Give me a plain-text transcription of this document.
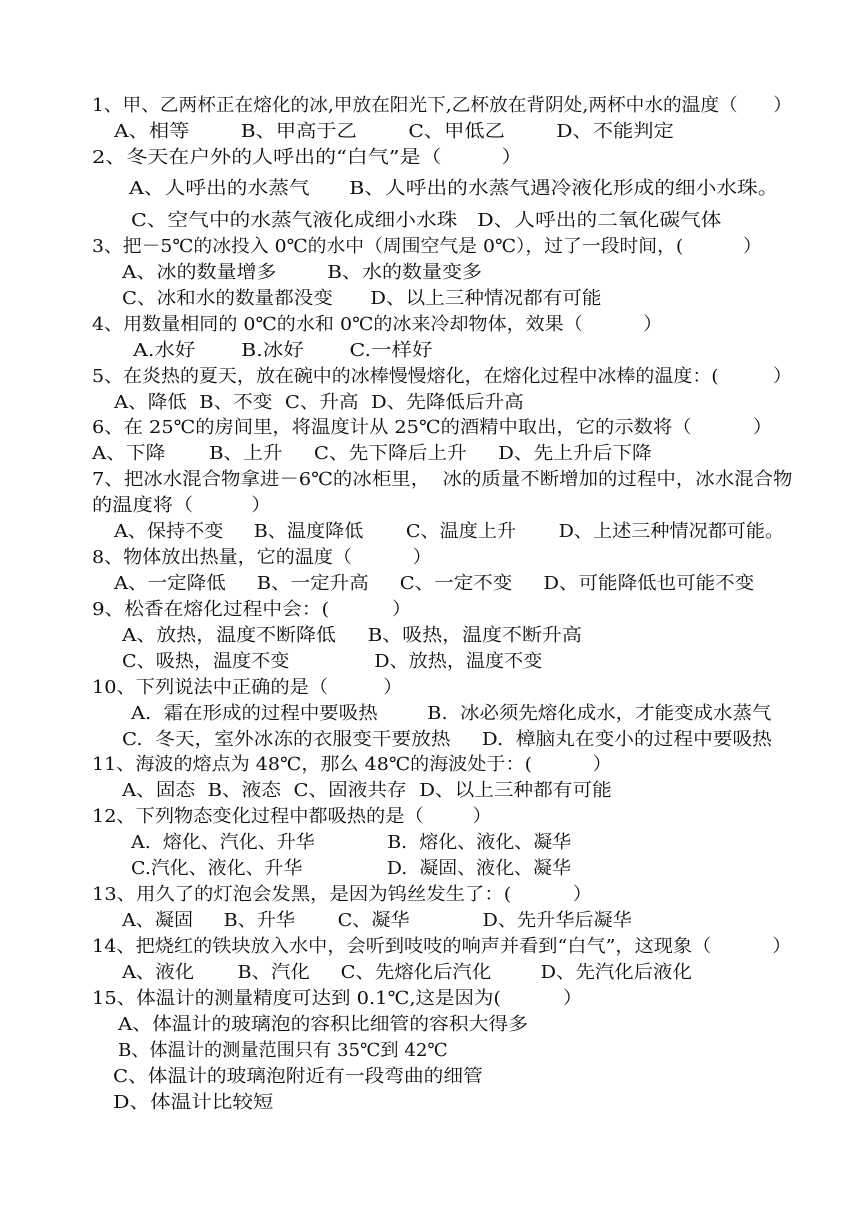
1、甲、乙两杯正在熔化的冰,甲放在阳光下,乙杯放在背阴处,两杯中水的温度（      ）
A、相等        B、甲高于乙        C、甲低乙        D、不能判定
2、冬天在户外的人呼出的“白气”是（         ）
A、人呼出的水蒸气      B、人呼出的水蒸气遇冷液化形成的细小水珠。
C、空气中的水蒸气液化成细小水珠   D、人呼出的二氧化碳气体
3、把－5℃的冰投入 0℃的水中（周围空气是 0℃），过了一段时间，(          ）
A、冰的数量增多        B、水的数量变多
C、冰和水的数量都没变      D、以上三种情况都有可能
4、用数量相同的 0℃的水和 0℃的冰来冷却物体，效果（          ）
A.水好       B.冰好       C.一样好
5、在炎热的夏天，放在碗中的冰棒慢慢熔化，在熔化过程中冰棒的温度：(         ）
A、降低  B、不变  C、升高  D、先降低后升高
6、在 25℃的房间里，将温度计从 25℃的酒精中取出，它的示数将（          ）
A、下降       B、上升     C、先下降后上升     D、先上升后下降
7、把冰水混合物拿进－6℃的冰柜里，  冰的质量不断增加的过程中，冰水混合物
的温度将（         ）
A、保持不变     B、温度降低       C、温度上升       D、上述三种情况都可能。
8、物体放出热量，它的温度（          ）
A、一定降低     B、一定升高     C、一定不变     D、可能降低也可能不变
9、松香在熔化过程中会：(          ）
A、放热，温度不断降低     B、吸热，温度不断升高
C、吸热，温度不变              D、放热，温度不变
10、下列说法中正确的是（         ）
A.  霜在形成的过程中要吸热        B.  冰必须先熔化成水，才能变成水蒸气
C.  冬天，室外冰冻的衣服变干要放热     D.  樟脑丸在变小的过程中要吸热
11、海波的熔点为 48℃，那么 48℃的海波处于：(          ）
A、固态  B、液态  C、固液共存  D、以上三种都有可能
12、下列物态变化过程中都吸热的是（        ）
A.  熔化、汽化、升华            B.  熔化、液化、凝华
C.汽化、液化、升华              D.  凝固、液化、凝华
13、用久了的灯泡会发黑，是因为钨丝发生了：(          ）
A、凝固     B、升华       C、凝华            D、先升华后凝华
14、把烧红的铁块放入水中，会听到吱吱的响声并看到“白气”，这现象（          ）
A、液化       B、汽化     C、先熔化后汽化        D、先汽化后液化
15、体温计的测量精度可达到 0.1℃,这是因为(          ）
A、体温计的玻璃泡的容积比细管的容积大得多
B、体温计的测量范围只有 35℃到 42℃
C、体温计的玻璃泡附近有一段弯曲的细管
D、体温计比较短
